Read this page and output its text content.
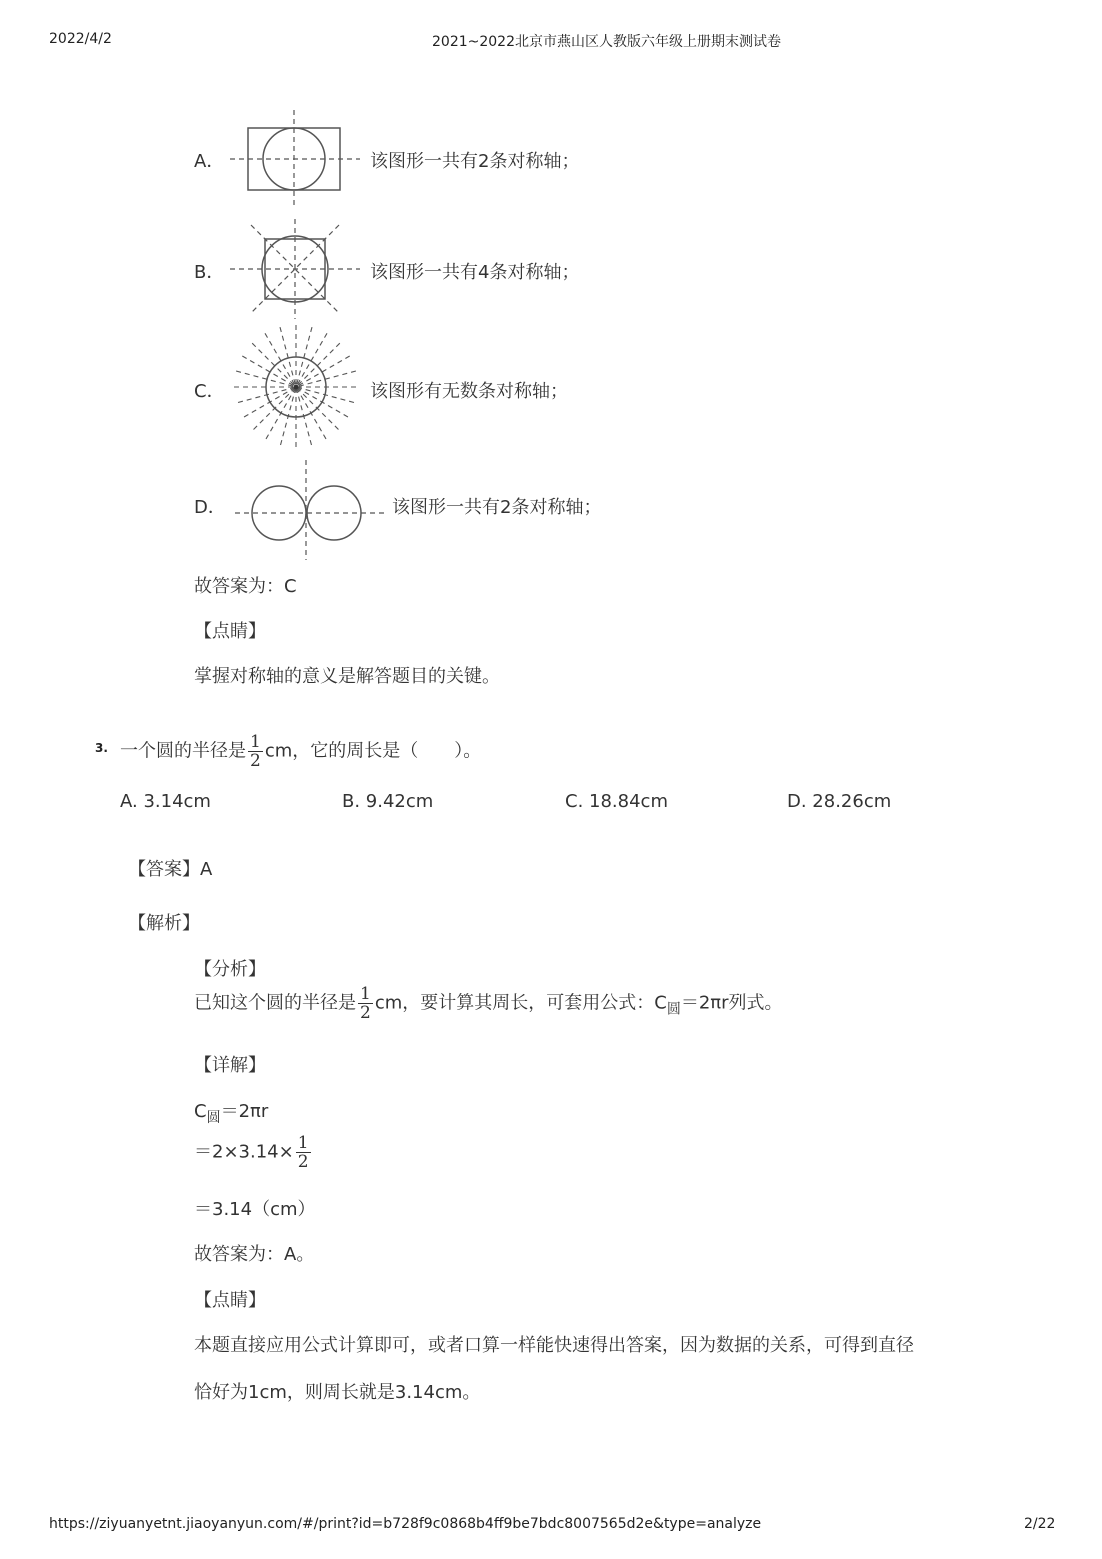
2022/4/2	2021~2022北京市燕山区人教版六年级上册期末测试卷
A．	该图形一共有2条对称轴；
B．	该图形一共有4条对称轴；
C．	该图形有无数条对称轴；
D．	该图形一共有2条对称轴；
故答案为：C
【点睛】
掌握对称轴的意义是解答题目的关键。
3. 一个圆的半径是 $\frac{1}{2}$ cm，它的周长是（　　）。
A. 3.14cm	B. 9.42cm	C. 18.84cm	D. 28.26cm
【答案】A
【解析】
【分析】
已知这个圆的半径是 $\frac{1}{2}$ cm，要计算其周长，可套用公式：$C_圆=2\pi r$列式。
【详解】
$C_圆=2\pi r$
$=2\times 3.14\times \frac{1}{2}$
＝3.14（cm）
故答案为：A。
【点睛】
本题直接应用公式计算即可，或者口算一样能快速得出答案，因为数据的关系，可得到直径
恰好为1cm，则周长就是3.14cm。
https://ziyuanyetnt.jiaoyanyun.com/#/print?id=b728f9c0868b4ff9be7bdc8007565d2e&type=analyze	2/22
